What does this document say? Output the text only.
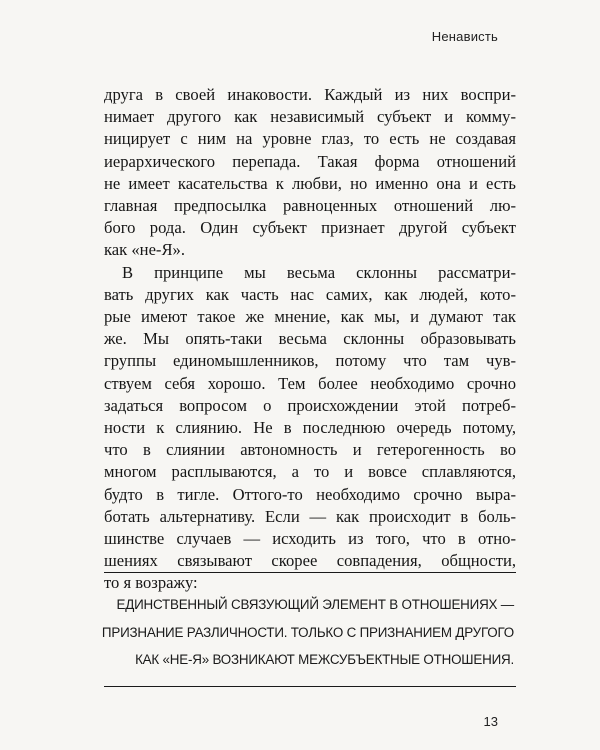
Ненависть
друга в своей инаковости. Каждый из них воспри-
нимает другого как независимый субъект и комму-
ницирует с ним на уровне глаз, то есть не создавая
иерархического перепада. Такая форма отношений
не имеет касательства к любви, но именно она и есть
главная предпосылка равноценных отношений лю-
бого рода. Один субъект признает другой субъект
как «не-Я».
В принципе мы весьма склонны рассматри-
вать других как часть нас самих, как людей, кото-
рые имеют такое же мнение, как мы, и думают так
же. Мы опять-таки весьма склонны образовывать
группы единомышленников, потому что там чув-
ствуем себя хорошо. Тем более необходимо срочно
задаться вопросом о происхождении этой потреб-
ности к слиянию. Не в последнюю очередь потому,
что в слиянии автономность и гетерогенность во
многом расплываются, а то и вовсе сплавляются,
будто в тигле. Оттого-то необходимо срочно выра-
ботать альтернативу. Если — как происходит в боль-
шинстве случаев — исходить из того, что в отно-
шениях связывают скорее совпадения, общности,
то я возражу:
ЕДИНСТВЕННЫЙ СВЯЗУЮЩИЙ ЭЛЕМЕНТ В ОТНОШЕНИЯХ —
ПРИЗНАНИЕ РАЗЛИЧНОСТИ. ТОЛЬКО С ПРИЗНАНИЕМ ДРУГОГО
КАК «НЕ-Я» ВОЗНИКАЮТ МЕЖСУБЪЕКТНЫЕ ОТНОШЕНИЯ.
13
